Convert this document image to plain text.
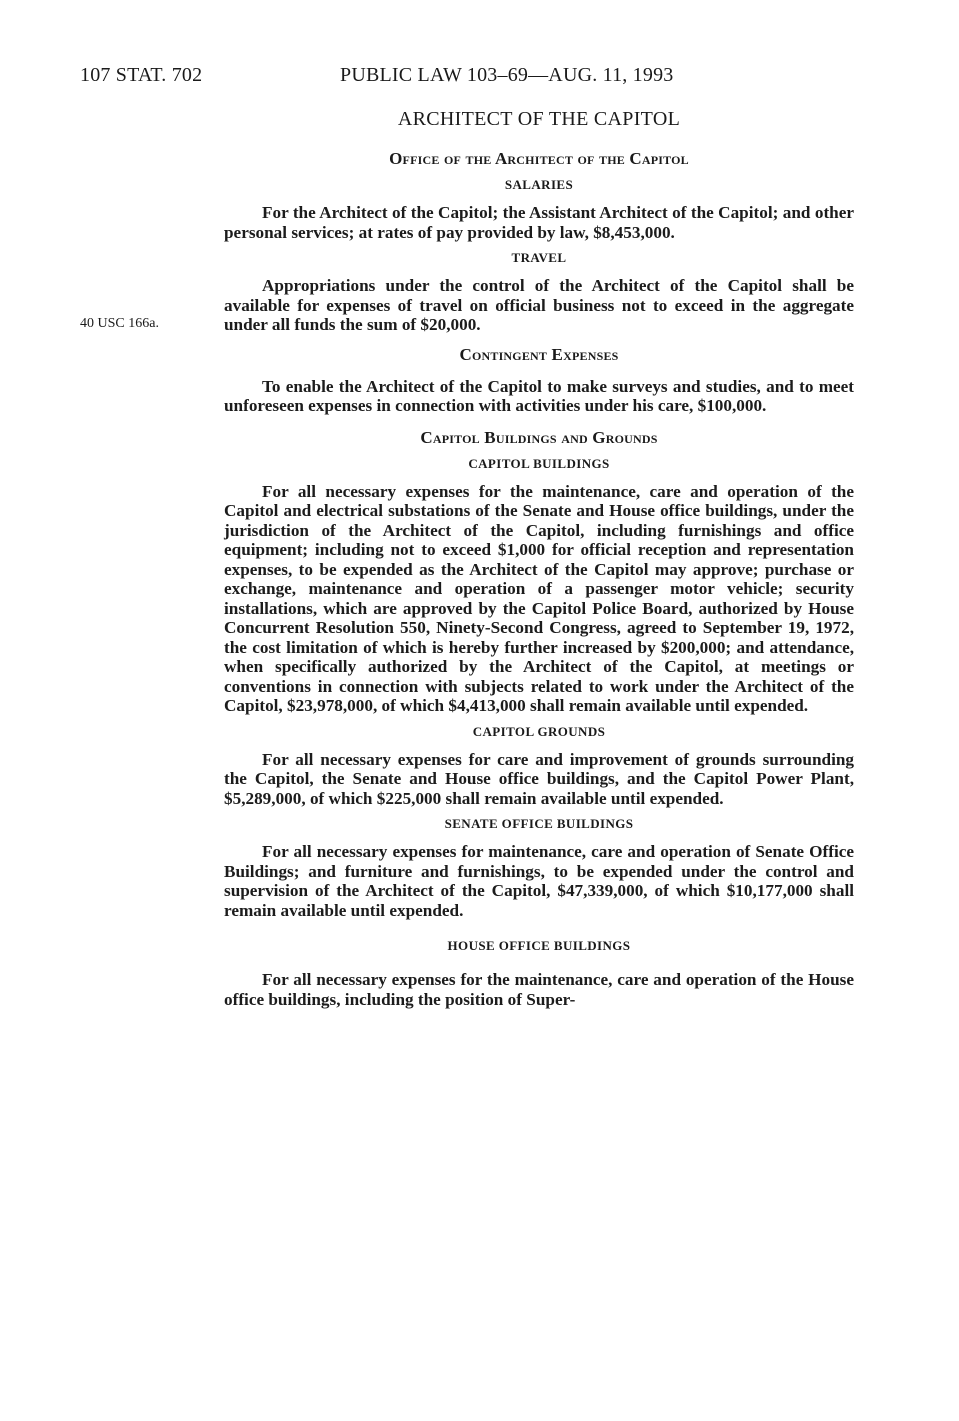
107 STAT. 702	PUBLIC LAW 103–69—AUG. 11, 1993
40 USC 166a.
ARCHITECT OF THE CAPITOL
Office of the Architect of the Capitol
SALARIES

For the Architect of the Capitol; the Assistant Architect of the Capitol; and other personal services; at rates of pay provided by law, $8,453,000.

TRAVEL

Appropriations under the control of the Architect of the Capitol shall be available for expenses of travel on official business not to exceed in the aggregate under all funds the sum of $20,000.

Contingent Expenses

To enable the Architect of the Capitol to make surveys and studies, and to meet unforeseen expenses in connection with activities under his care, $100,000.

Capitol Buildings and Grounds
CAPITOL BUILDINGS

For all necessary expenses for the maintenance, care and operation of the Capitol and electrical substations of the Senate and House office buildings, under the jurisdiction of the Architect of the Capitol, including furnishings and office equipment; including not to exceed $1,000 for official reception and representation expenses, to be expended as the Architect of the Capitol may approve; purchase or exchange, maintenance and operation of a passenger motor vehicle; security installations, which are approved by the Capitol Police Board, authorized by House Concurrent Resolution 550, Ninety-Second Congress, agreed to September 19, 1972, the cost limitation of which is hereby further increased by $200,000; and attendance, when specifically authorized by the Architect of the Capitol, at meetings or conventions in connection with subjects related to work under the Architect of the Capitol, $23,978,000, of which $4,413,000 shall remain available until expended.

CAPITOL GROUNDS

For all necessary expenses for care and improvement of grounds surrounding the Capitol, the Senate and House office buildings, and the Capitol Power Plant, $5,289,000, of which $225,000 shall remain available until expended.

SENATE OFFICE BUILDINGS

For all necessary expenses for maintenance, care and operation of Senate Office Buildings; and furniture and furnishings, to be expended under the control and supervision of the Architect of the Capitol, $47,339,000, of which $10,177,000 shall remain available until expended.

HOUSE OFFICE BUILDINGS

For all necessary expenses for the maintenance, care and operation of the House office buildings, including the position of Super-
